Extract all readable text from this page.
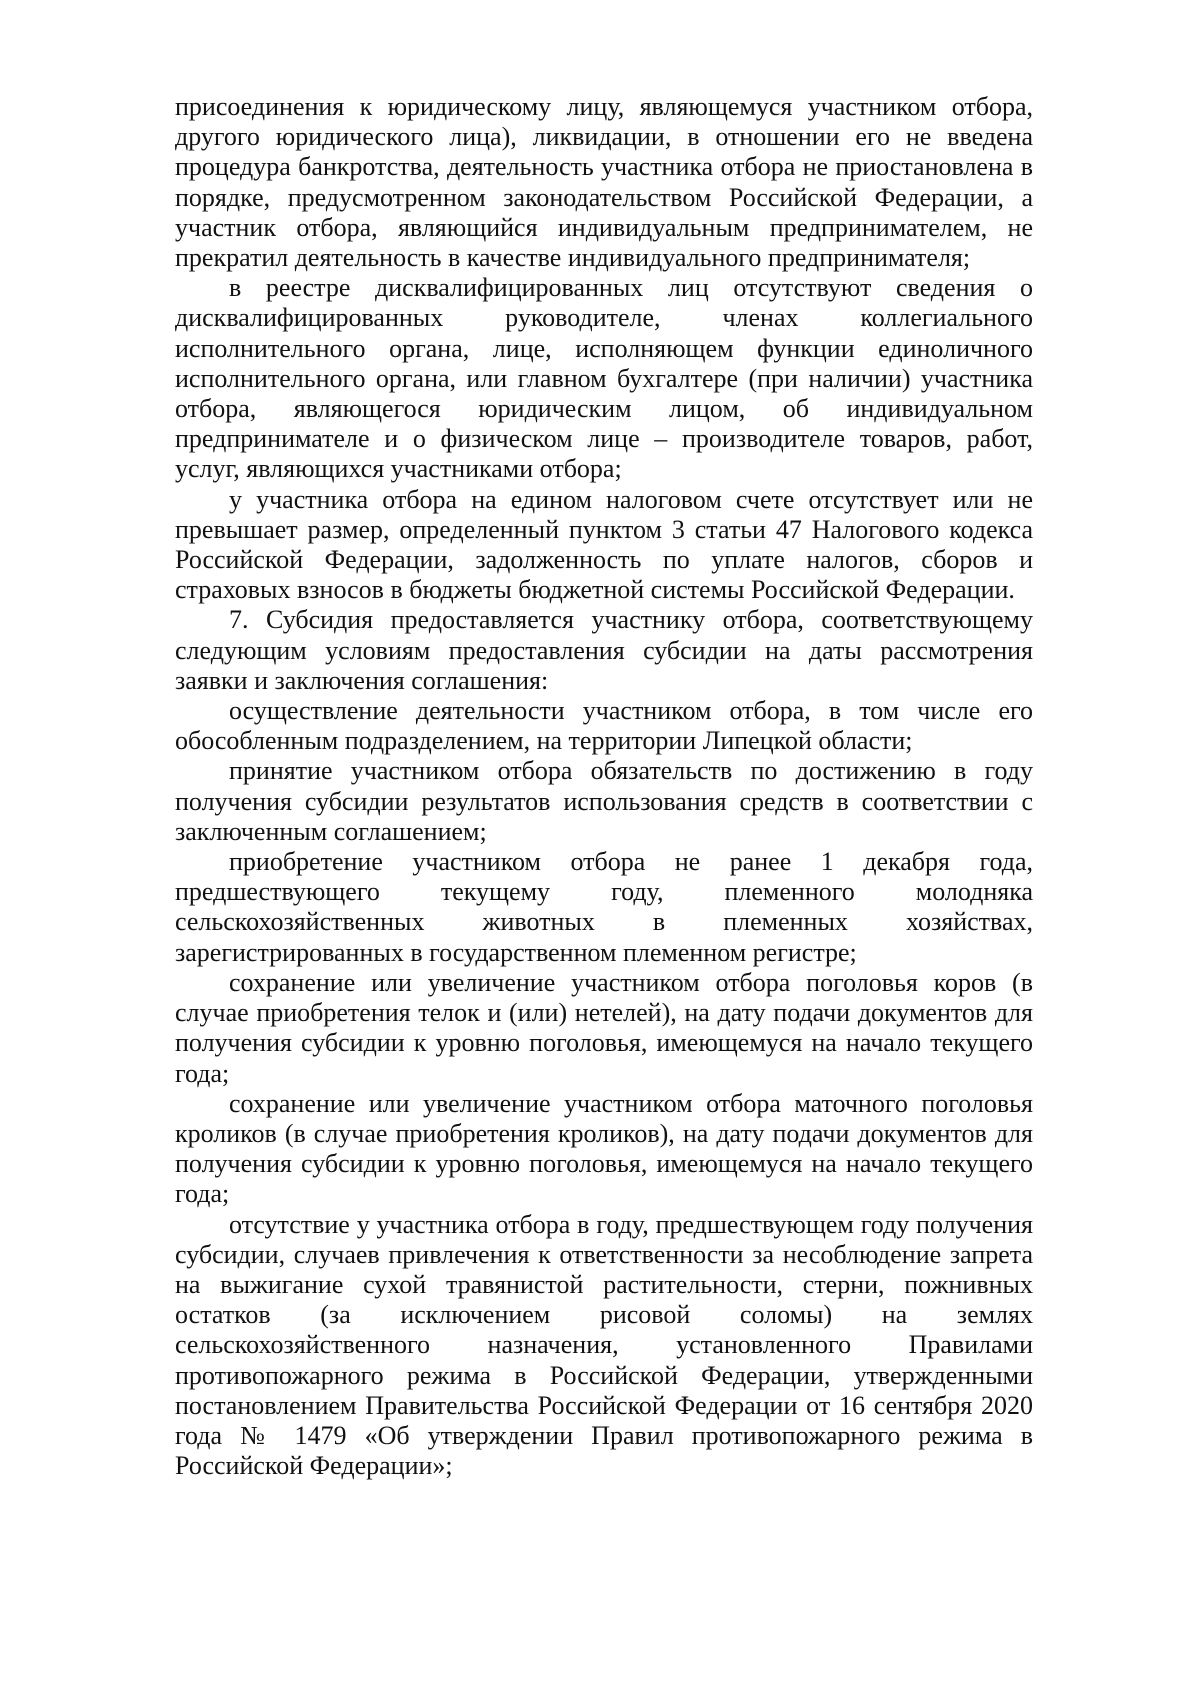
присоединения к юридическому лицу, являющемуся участником отбора, другого юридического лица), ликвидации, в отношении его не введена процедура банкротства, деятельность участника отбора не приостановлена в порядке, предусмотренном законодательством Российской Федерации, а участник отбора, являющийся индивидуальным предпринимателем, не прекратил деятельность в качестве индивидуального предпринимателя;

в реестре дисквалифицированных лиц отсутствуют сведения о дисквалифицированных руководителе, членах коллегиального исполнительного органа, лице, исполняющем функции единоличного исполнительного органа, или главном бухгалтере (при наличии) участника отбора, являющегося юридическим лицом, об индивидуальном предпринимателе и о физическом лице – производителе товаров, работ, услуг, являющихся участниками отбора;

у участника отбора на едином налоговом счете отсутствует или не превышает размер, определенный пунктом 3 статьи 47 Налогового кодекса Российской Федерации, задолженность по уплате налогов, сборов и страховых взносов в бюджеты бюджетной системы Российской Федерации.

7. Субсидия предоставляется участнику отбора, соответствующему следующим условиям предоставления субсидии на даты рассмотрения заявки и заключения соглашения:

осуществление деятельности участником отбора, в том числе его обособленным подразделением, на территории Липецкой области;

принятие участником отбора обязательств по достижению в году получения субсидии результатов использования средств в соответствии с заключенным соглашением;

приобретение участником отбора не ранее 1 декабря года, предшествующего текущему году, племенного молодняка сельскохозяйственных животных в племенных хозяйствах, зарегистрированных в государственном племенном регистре;

сохранение или увеличение участником отбора поголовья коров (в случае приобретения телок и (или) нетелей), на дату подачи документов для получения субсидии к уровню поголовья, имеющемуся на начало текущего года;

сохранение или увеличение участником отбора маточного поголовья кроликов (в случае приобретения кроликов), на дату подачи документов для получения субсидии к уровню поголовья, имеющемуся на начало текущего года;

отсутствие у участника отбора в году, предшествующем году получения субсидии, случаев привлечения к ответственности за несоблюдение запрета на выжигание сухой травянистой растительности, стерни, пожнивных остатков (за исключением рисовой соломы) на землях сельскохозяйственного назначения, установленного Правилами противопожарного режима в Российской Федерации, утвержденными постановлением Правительства Российской Федерации от 16 сентября 2020 года № 1479 «Об утверждении Правил противопожарного режима в Российской Федерации»;
